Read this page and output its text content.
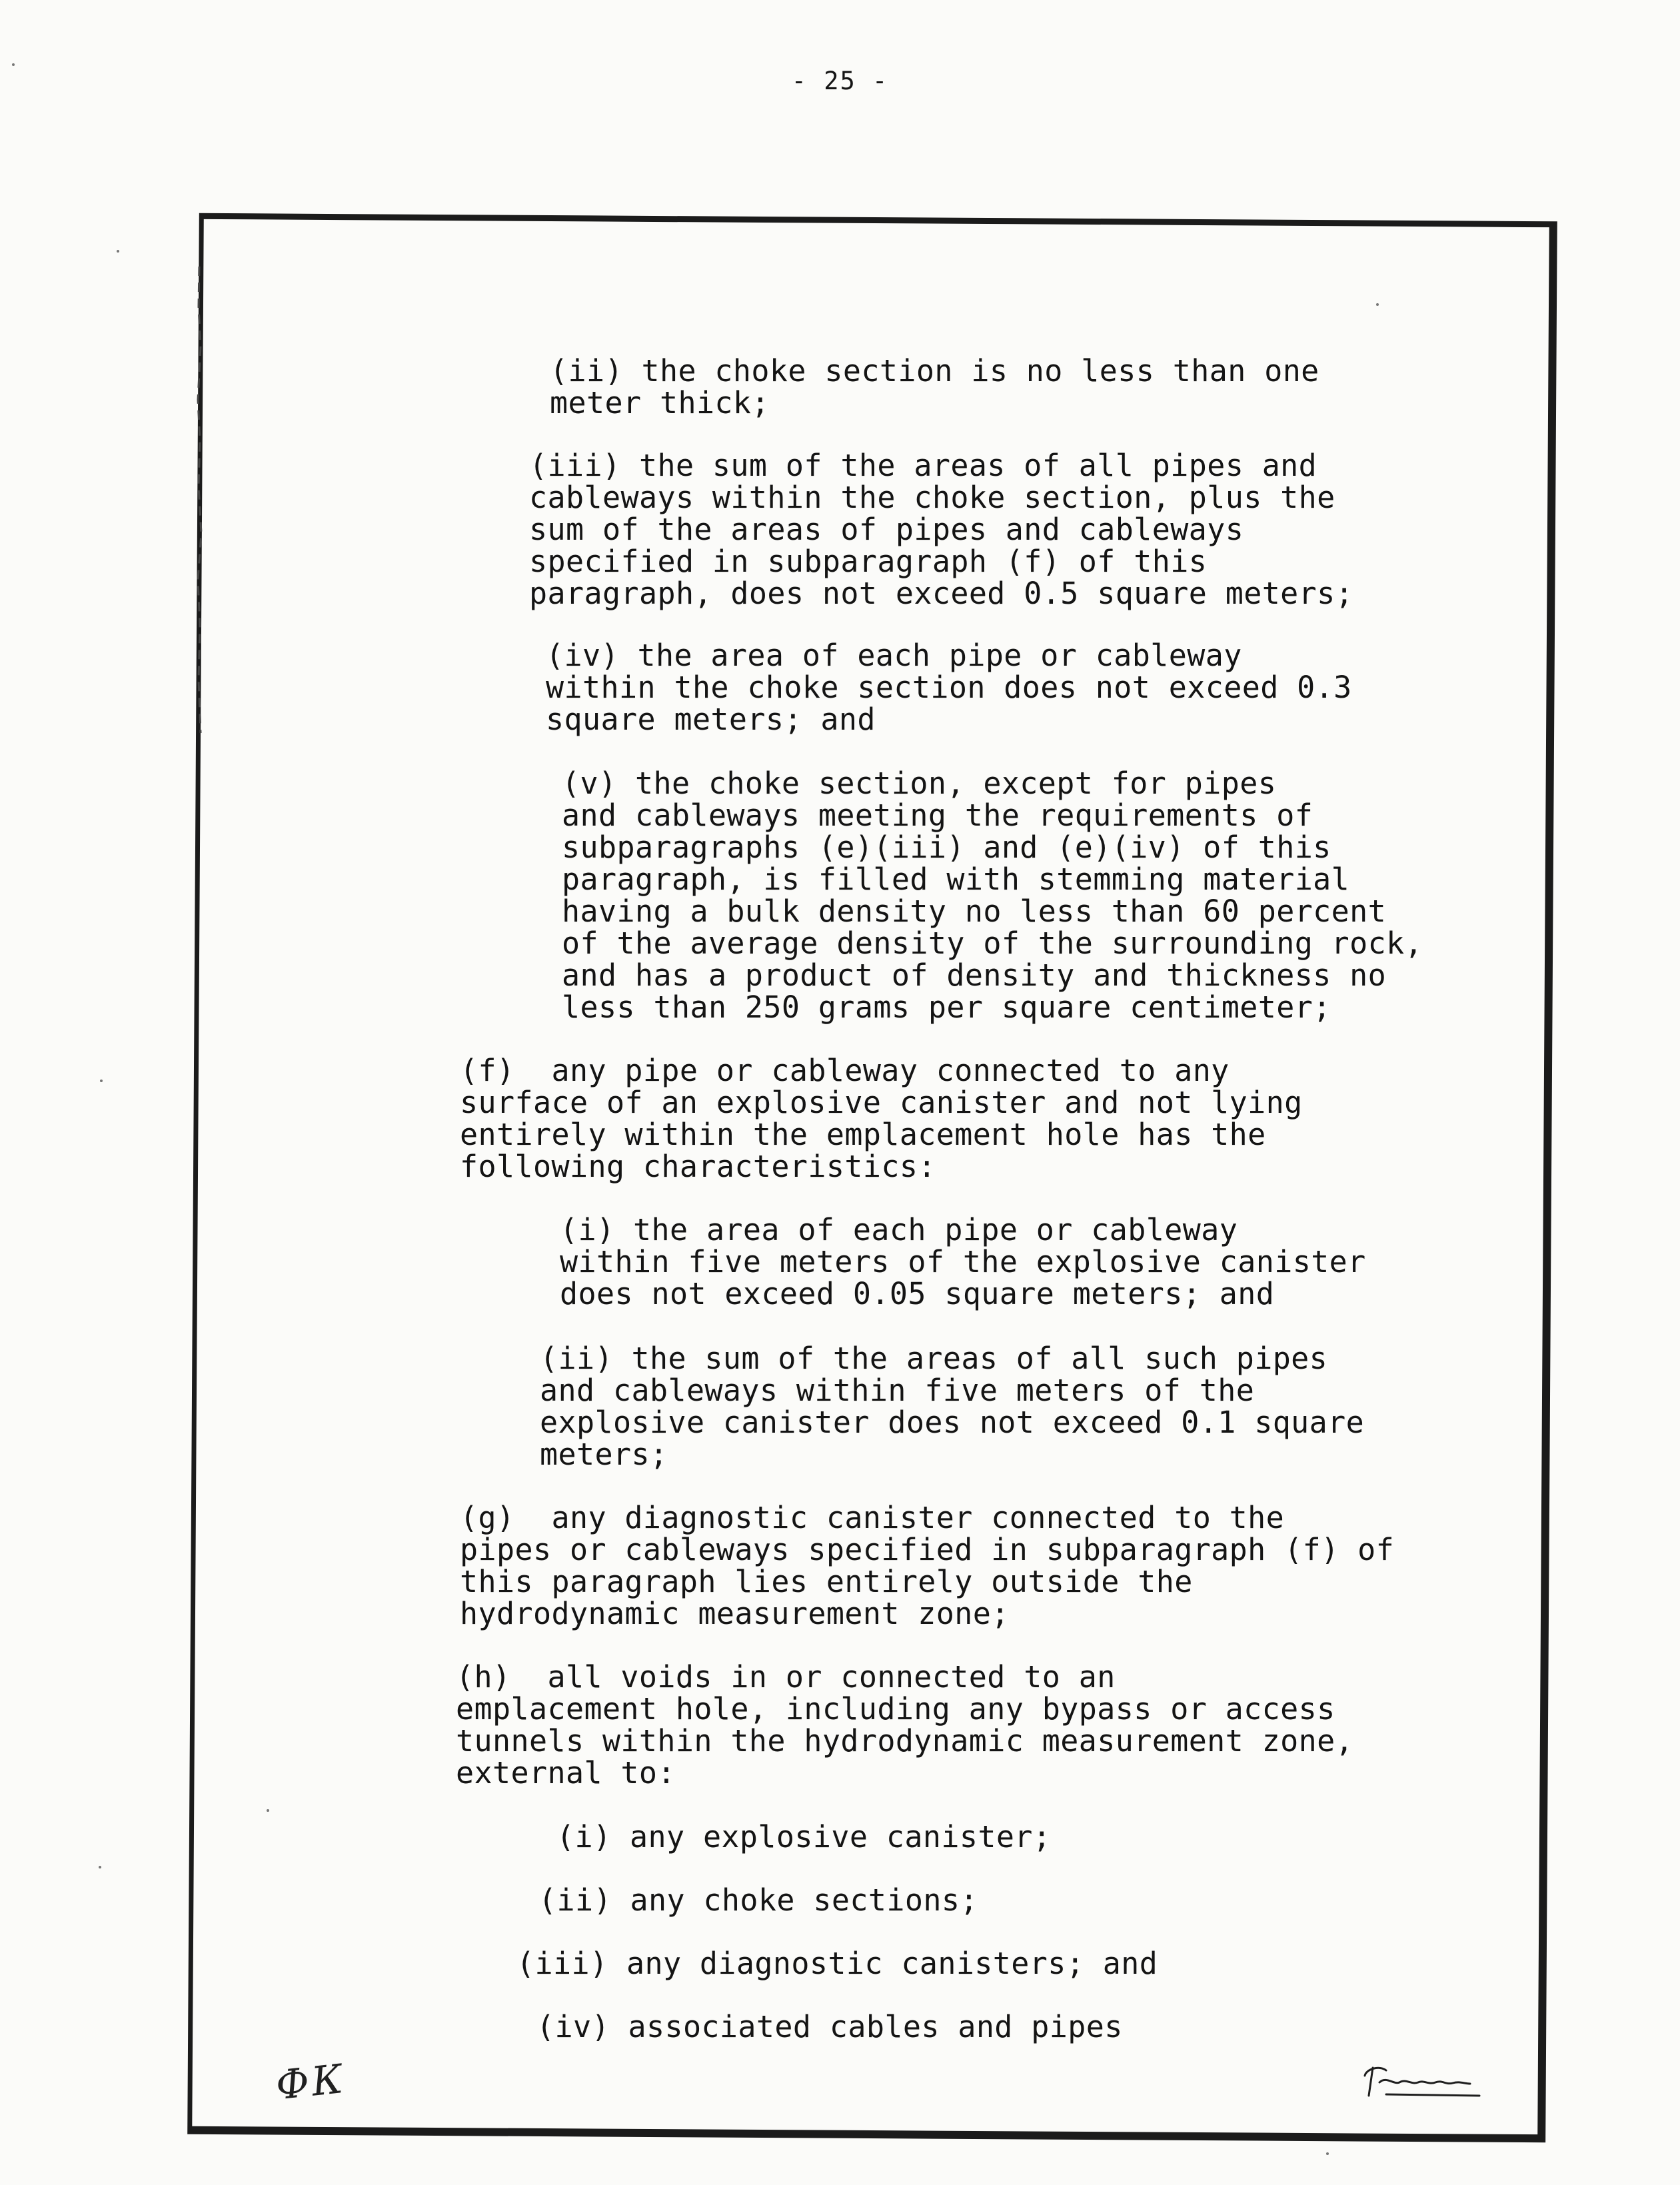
- 25 -

(ii) the choke section is no less than one
meter thick;

(iii) the sum of the areas of all pipes and
cableways within the choke section, plus the
sum of the areas of pipes and cableways
specified in subparagraph (f) of this
paragraph, does not exceed 0.5 square meters;

(iv) the area of each pipe or cableway
within the choke section does not exceed 0.3
square meters; and

(v) the choke section, except for pipes
and cableways meeting the requirements of
subparagraphs (e)(iii) and (e)(iv) of this
paragraph, is filled with stemming material
having a bulk density no less than 60 percent
of the average density of the surrounding rock,
and has a product of density and thickness no
less than 250 grams per square centimeter;

(f)  any pipe or cableway connected to any
surface of an explosive canister and not lying
entirely within the emplacement hole has the
following characteristics:

(i) the area of each pipe or cableway
within five meters of the explosive canister
does not exceed 0.05 square meters; and

(ii) the sum of the areas of all such pipes
and cableways within five meters of the
explosive canister does not exceed 0.1 square
meters;

(g)  any diagnostic canister connected to the
pipes or cableways specified in subparagraph (f) of
this paragraph lies entirely outside the
hydrodynamic measurement zone;

(h)  all voids in or connected to an
emplacement hole, including any bypass or access
tunnels within the hydrodynamic measurement zone,
external to:

(i) any explosive canister;

(ii) any choke sections;

(iii) any diagnostic canisters; and

(iv) associated cables and pipes

ФК
